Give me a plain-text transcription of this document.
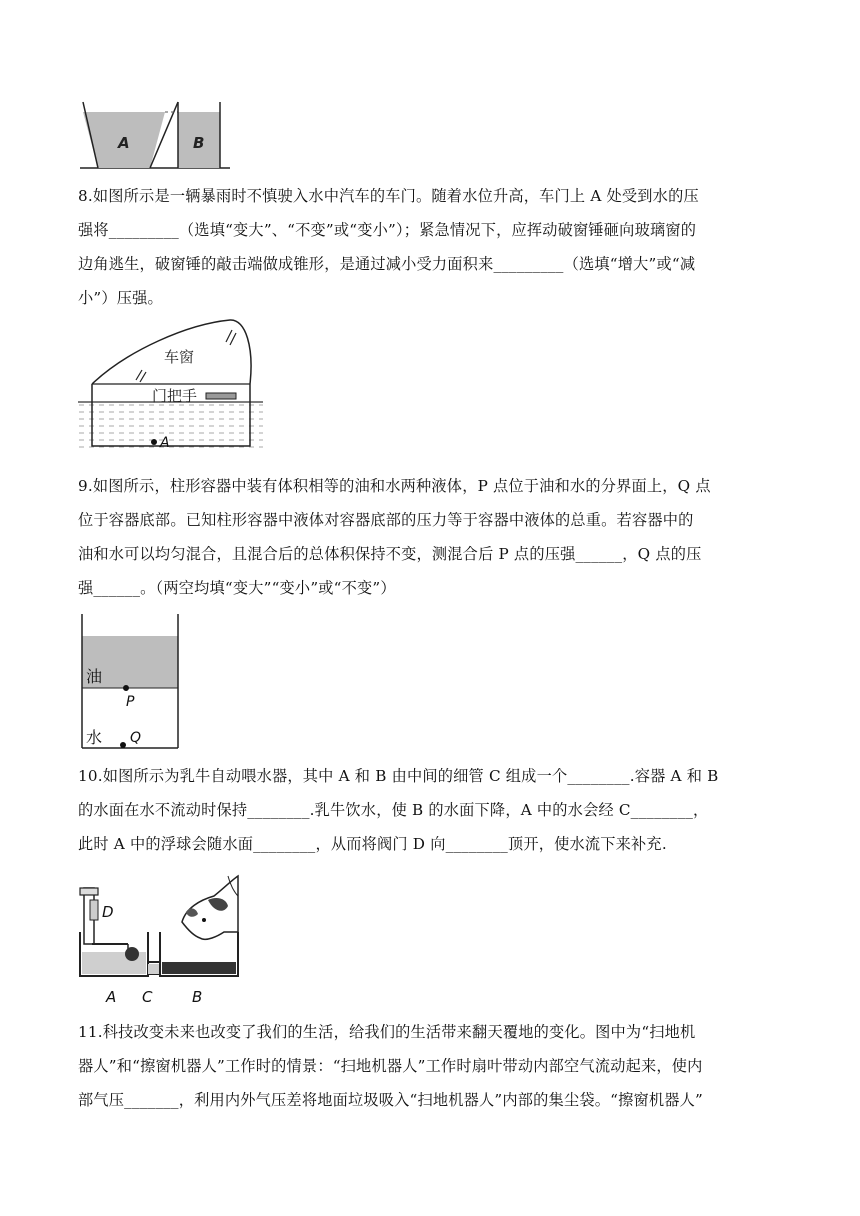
A	B
8.如图所示是一辆暴雨时不慎驶入水中汽车的车门。随着水位升高，车门上 A 处受到水的压
强将_________（选填“变大”、“不变”或“变小”）；紧急情况下，应挥动破窗锤砸向玻璃窗的
边角逃生，破窗锤的敲击端做成锥形，是通过减小受力面积来_________（选填“增大”或“减
小”）压强。
车窗
门把手
A
9.如图所示，柱形容器中装有体积相等的油和水两种液体，P 点位于油和水的分界面上，Q 点
位于容器底部。已知柱形容器中液体对容器底部的压力等于容器中液体的总重。若容器中的
油和水可以均匀混合，且混合后的总体积保持不变，测混合后 P 点的压强______，Q 点的压
强______。（两空均填“变大”“变小”或“不变”）
油
水
P
Q
10.如图所示为乳牛自动喂水器，其中 A 和 B 由中间的细管 C 组成一个________.容器 A 和 B
的水面在水不流动时保持________.乳牛饮水，使 B 的水面下降，A 中的水会经 C________，
此时 A 中的浮球会随水面________，从而将阀门 D 向________顶开，使水流下来补充.
D
A C	B
11.科技改变未来也改变了我们的生活，给我们的生活带来翻天覆地的变化。图中为“扫地机
器人”和“擦窗机器人”工作时的情景：“扫地机器人”工作时扇叶带动内部空气流动起来，使内
部气压_______，利用内外气压差将地面垃圾吸入“扫地机器人”内部的集尘袋。“擦窗机器人”
